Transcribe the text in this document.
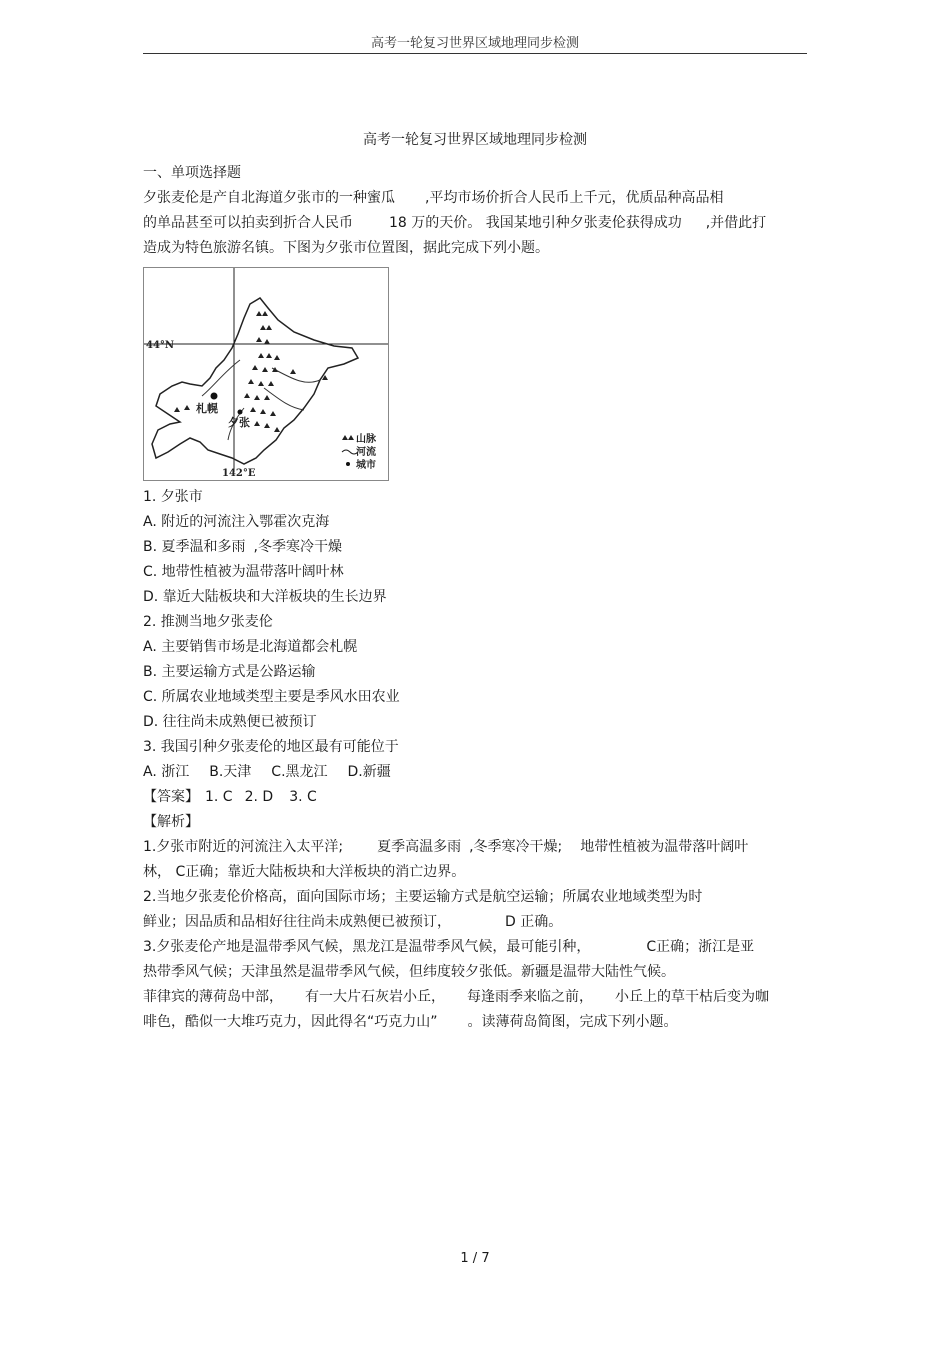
高考一轮复习世界区域地理同步检测
高考一轮复习世界区域地理同步检测

一、单项选择题

夕张麦伦是产自北海道夕张市的一种蜜瓜 ,平均市场价折合人民币上千元，优质品种高品相

的单品甚至可以拍卖到折合人民币	18 万的天价。 我国某地引种夕张麦伦获得成功 ,并借此打

造成为特色旅游名镇。下图为夕张市位置图，据此完成下列小题。

44°N
142°E
札幌
夕张
山脉
河流
城市

1. 夕张市

A. 附近的河流注入鄂霍次克海

B. 夏季温和多雨 ,冬季寒冷干燥

C. 地带性植被为温带落叶阔叶林

D. 靠近大陆板块和大洋板块的生长边界

2. 推测当地夕张麦伦

A. 主要销售市场是北海道都会札幌

B. 主要运输方式是公路运输

C. 所属农业地域类型主要是季风水田农业

D. 往往尚未成熟便已被预订

3. 我国引种夕张麦伦的地区最有可能位于

A. 浙江 B.天津 C.黑龙江 D.新疆

【答案】 1. C 2. D 3. C

【解析】

1.夕张市附近的河流注入太平洋; 夏季高温多雨 ,冬季寒冷干燥; 地带性植被为温带落叶阔叶

林， C正确；靠近大陆板块和大洋板块的消亡边界。

2.当地夕张麦伦价格高，面向国际市场；主要运输方式是航空运输；所属农业地域类型为时

鲜业；因品质和品相好往往尚未成熟便已被预订，	D 正确。

3.夕张麦伦产地是温带季风气候，黑龙江是温带季风气候，最可能引种，	C正确；浙江是亚

热带季风气候；天津虽然是温带季风气候，但纬度较夕张低。新疆是温带大陆性气候。

菲律宾的薄荷岛中部， 有一大片石灰岩小丘， 每逢雨季来临之前， 小丘上的草干枯后变为咖

啡色，酷似一大堆巧克力，因此得名“巧克力山” 。读薄荷岛简图，完成下列小题。

1 / 7
